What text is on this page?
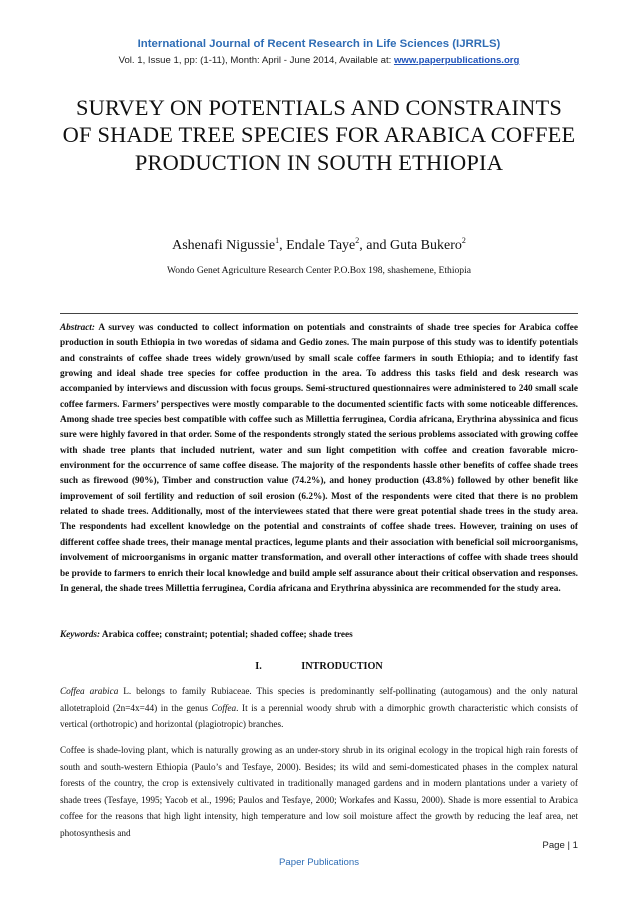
International Journal of Recent Research in Life Sciences (IJRRLS)
Vol. 1, Issue 1, pp: (1-11), Month: April - June 2014, Available at: www.paperpublications.org
SURVEY ON POTENTIALS AND CONSTRAINTS OF SHADE TREE SPECIES FOR ARABICA COFFEE PRODUCTION IN SOUTH ETHIOPIA
Ashenafi Nigussie$^1$, Endale Taye$^2$, and Guta Bukero$^2$
Wondo Genet Agriculture Research Center P.O.Box 198, shashemene, Ethiopia
Abstract: A survey was conducted to collect information on potentials and constraints of shade tree species for Arabica coffee production in south Ethiopia in two woredas of sidama and Gedio zones. The main purpose of this study was to identify potentials and constraints of coffee shade trees widely grown/used by small scale coffee farmers in south Ethiopia; and to identify fast growing and ideal shade tree species for coffee production in the area. To address this tasks field and desk research was accompanied by interviews and discussion with focus groups. Semi-structured questionnaires were administered to 240 small scale coffee farmers. Farmers’ perspectives were mostly comparable to the documented scientific facts with some noticeable differences. Among shade tree species best compatible with coffee such as Millettia ferruginea, Cordia africana, Erythrina abyssinica and ficus sure were highly favored in that order. Some of the respondents strongly stated the serious problems associated with growing coffee with shade tree plants that included nutrient, water and sun light competition with coffee and creation favorable micro-environment for the occurrence of same coffee disease. The majority of the respondents hassle other benefits of coffee shade trees such as firewood (90%), Timber and construction value (74.2%), and honey production (43.8%) followed by other benefit like improvement of soil fertility and reduction of soil erosion (6.2%). Most of the respondents were cited that there is no problem related to shade trees. Additionally, most of the interviewees stated that there were great potential shade trees in the study area. The respondents had excellent knowledge on the potential and constraints of coffee shade trees. However, training on uses of different coffee shade trees, their manage mental practices, legume plants and their association with beneficial soil microorganisms, involvement of microorganisms in organic matter transformation, and overall other interactions of coffee with shade trees should be provide to farmers to enrich their local knowledge and build ample self assurance about their critical observation and responses. In general, the shade trees Millettia ferruginea, Cordia africana and Erythrina abyssinica are recommended for the study area.
Keywords: Arabica coffee; constraint; potential; shaded coffee; shade trees
I.	INTRODUCTION
Coffea arabica L. belongs to family Rubiaceae. This species is predominantly self-pollinating (autogamous) and the only natural allotetraploid (2n=4x=44) in the genus Coffea. It is a perennial woody shrub with a dimorphic growth characteristic which consists of vertical (orthotropic) and horizontal (plagiotropic) branches.
Coffee is shade-loving plant, which is naturally growing as an under-story shrub in its original ecology in the tropical high rain forests of south and south-western Ethiopia (Paulo’s and Tesfaye, 2000). Besides; its wild and semi-domesticated phases in the complex natural forests of the country, the crop is extensively cultivated in traditionally managed gardens and in modern plantations under a variety of shade trees (Tesfaye, 1995; Yacob et al., 1996; Paulos and Tesfaye, 2000; Workafes and Kassu, 2000). Shade is more essential to Arabica coffee for the reasons that high light intensity, high temperature and low soil moisture affect the growth by reducing the leaf area, net photosynthesis and
Page | 1
Paper Publications
